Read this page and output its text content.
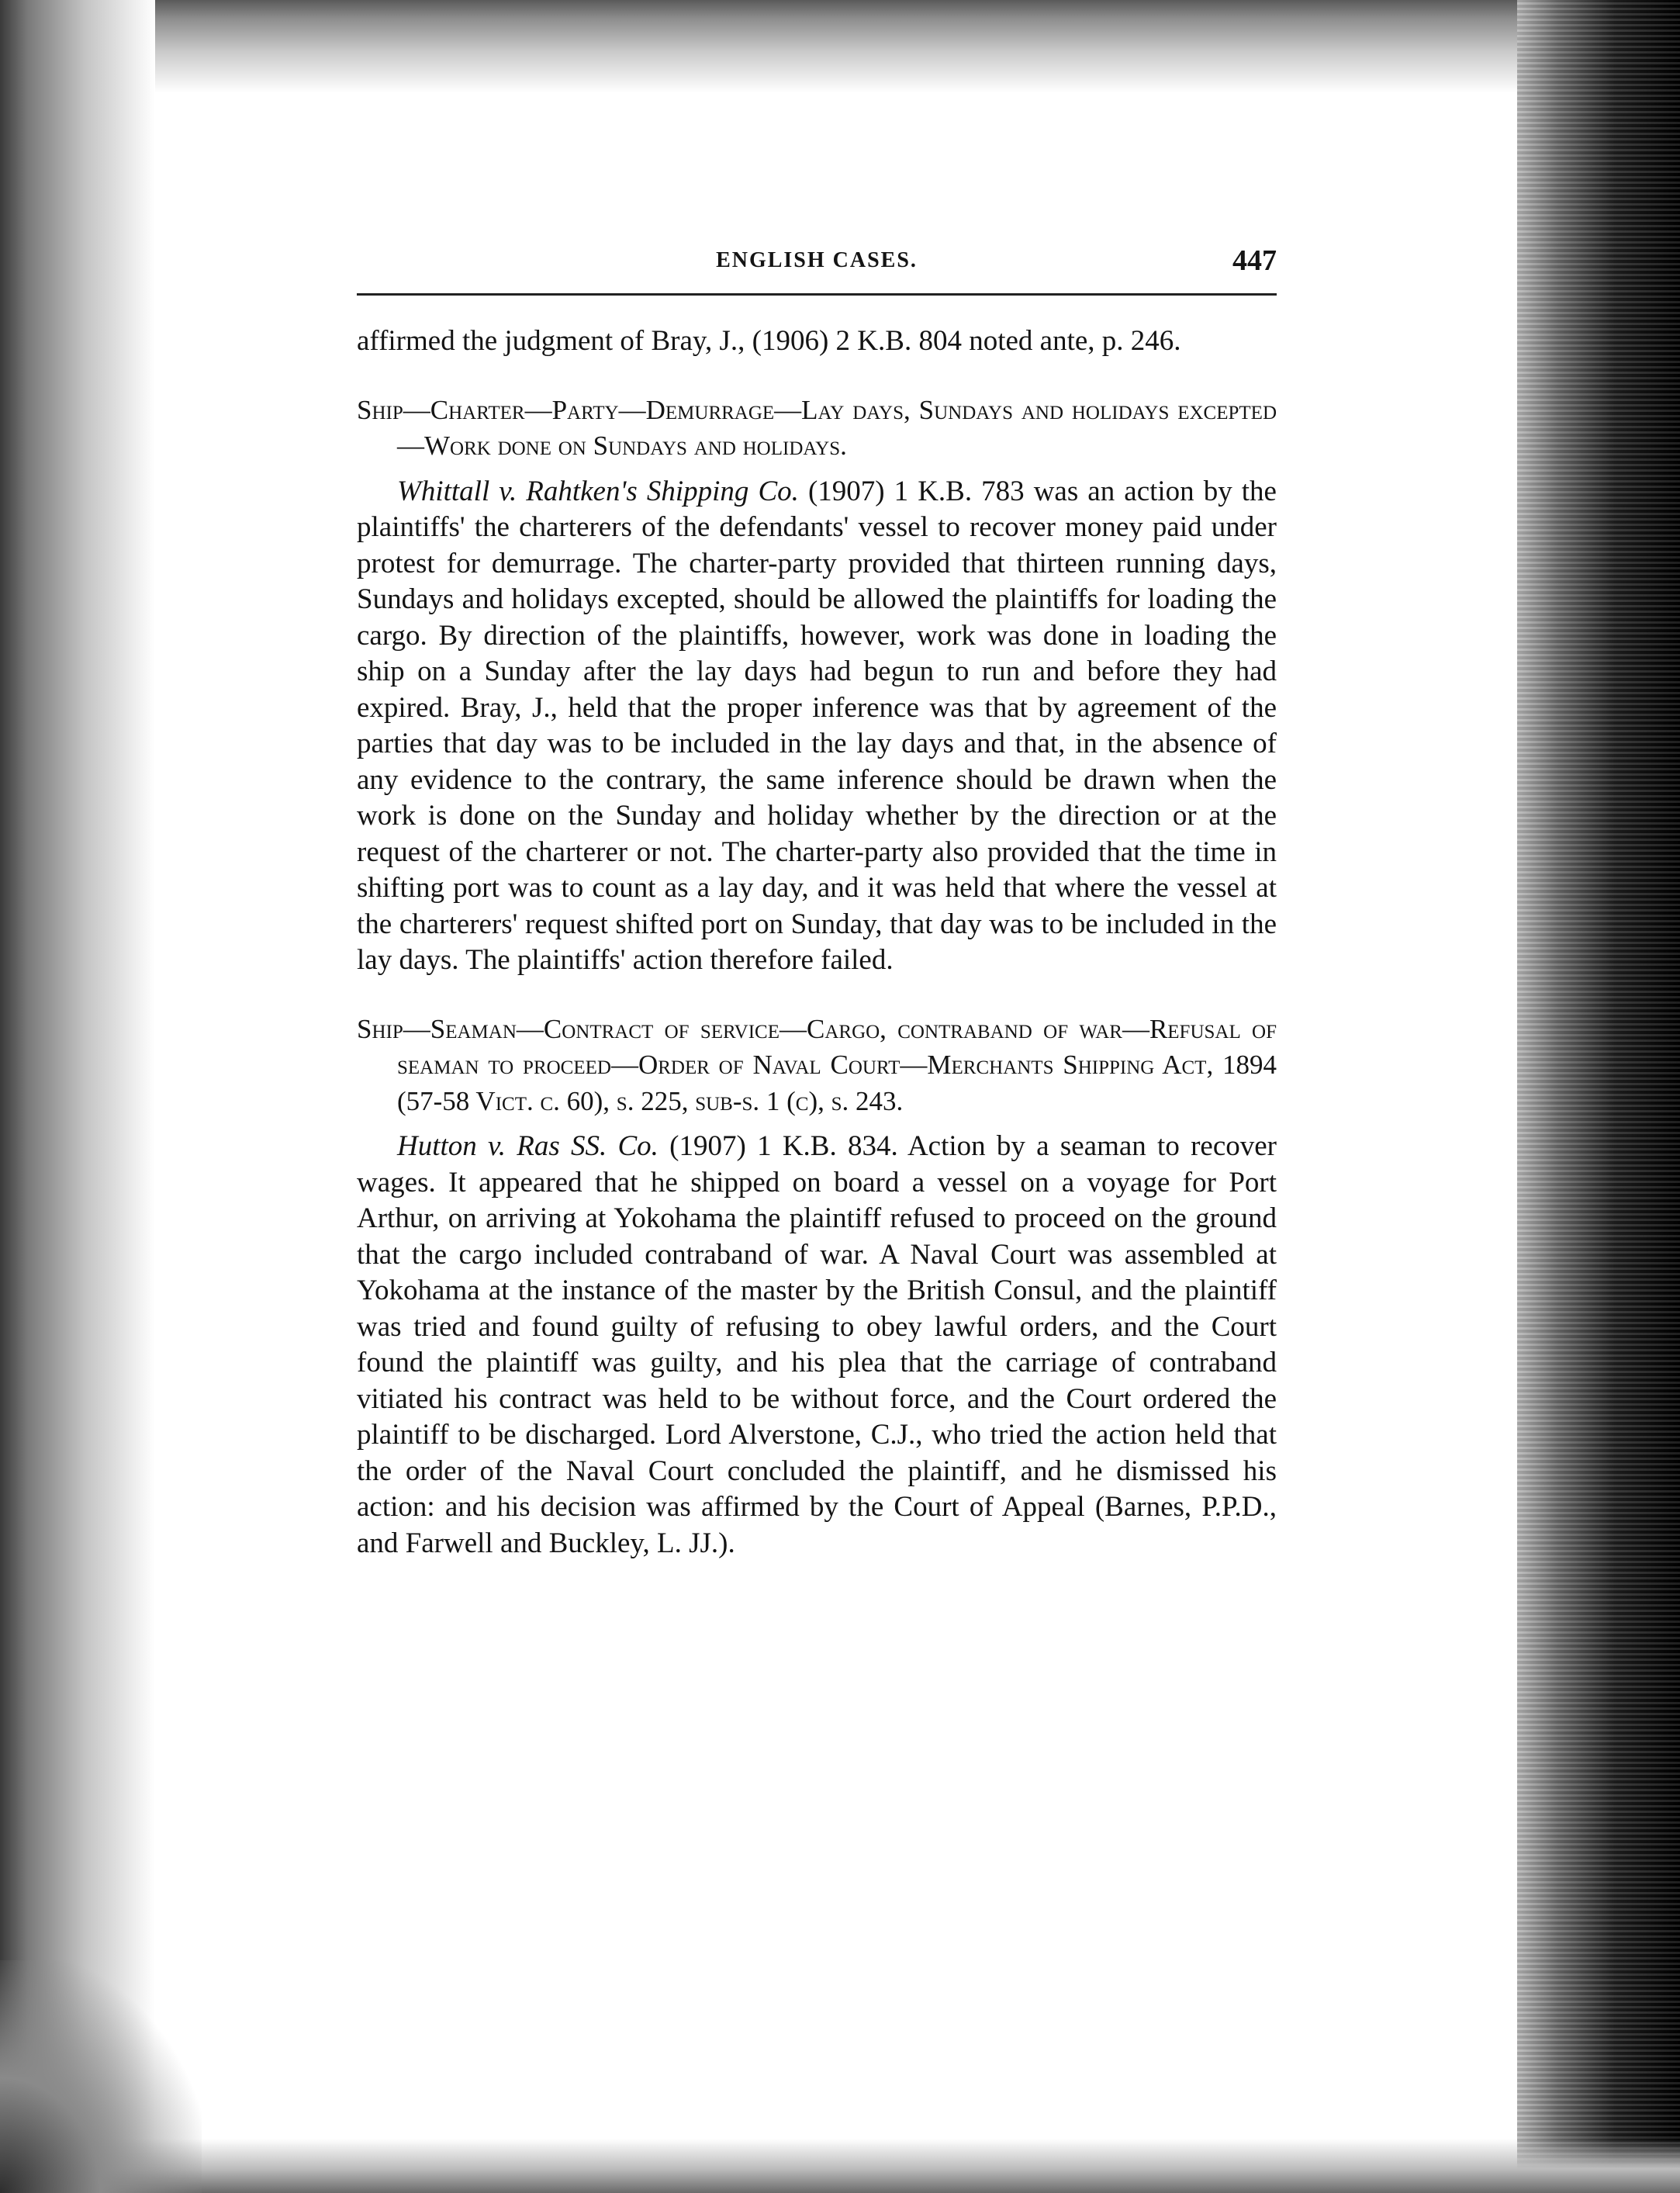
ENGLISH CASES.	447

affirmed the judgment of Bray, J., (1906) 2 K.B. 804 noted ante, p. 246.

Ship—Charter—Party—Demurrage—Lay days, Sundays and holidays excepted—Work done on Sundays and holidays.

Whittall v. Rahtken's Shipping Co. (1907) 1 K.B. 783 was an action by the plaintiffs' the charterers of the defendants' vessel to recover money paid under protest for demurrage. The charter-party provided that thirteen running days, Sundays and holidays excepted, should be allowed the plaintiffs for loading the cargo. By direction of the plaintiffs, however, work was done in loading the ship on a Sunday after the lay days had begun to run and before they had expired. Bray, J., held that the proper inference was that by agreement of the parties that day was to be included in the lay days and that, in the absence of any evidence to the contrary, the same inference should be drawn when the work is done on the Sunday and holiday whether by the direction or at the request of the charterer or not. The charter-party also provided that the time in shifting port was to count as a lay day, and it was held that where the vessel at the charterers' request shifted port on Sunday, that day was to be included in the lay days. The plaintiffs' action therefore failed.

Ship—Seaman—Contract of service—Cargo, contraband of war—Refusal of seaman to proceed—Order of Naval Court—Merchants Shipping Act, 1894 (57-58 Vict. c. 60), s. 225, sub-s. 1 (c), s. 243.

Hutton v. Ras SS. Co. (1907) 1 K.B. 834. Action by a seaman to recover wages. It appeared that he shipped on board a vessel on a voyage for Port Arthur, on arriving at Yokohama the plaintiff refused to proceed on the ground that the cargo included contraband of war. A Naval Court was assembled at Yokohama at the instance of the master by the British Consul, and the plaintiff was tried and found guilty of refusing to obey lawful orders, and the Court found the plaintiff was guilty, and his plea that the carriage of contraband vitiated his contract was held to be without force, and the Court ordered the plaintiff to be discharged. Lord Alverstone, C.J., who tried the action held that the order of the Naval Court concluded the plaintiff, and he dismissed his action: and his decision was affirmed by the Court of Appeal (Barnes, P.P.D., and Farwell and Buckley, L. JJ.).
